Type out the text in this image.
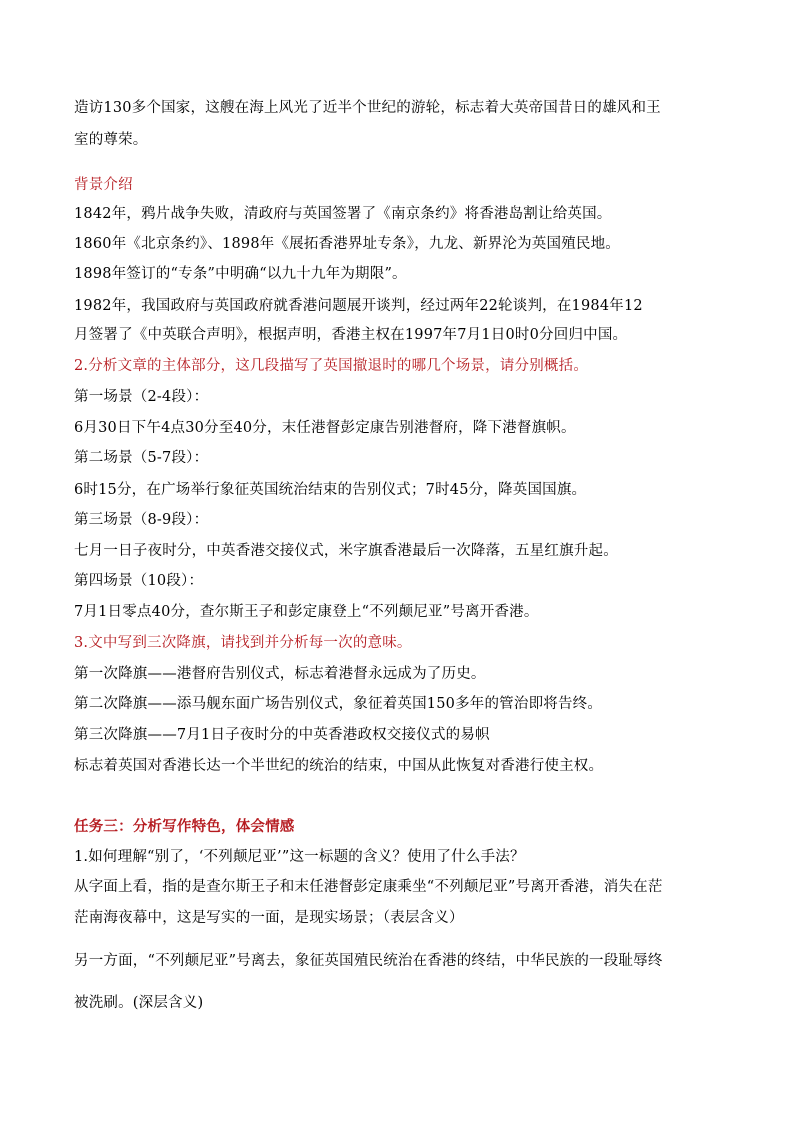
造访130多个国家，这艘在海上风光了近半个世纪的游轮，标志着大英帝国昔日的雄风和王
室的尊荣。
背景介绍
1842年，鸦片战争失败，清政府与英国签署了《南京条约》将香港岛割让给英国。
1860年《北京条约》、1898年《展拓香港界址专条》，九龙、新界沦为英国殖民地。
1898年签订的“专条”中明确“以九十九年为期限”。
1982年，我国政府与英国政府就香港问题展开谈判，经过两年22轮谈判，在1984年12
月签署了《中英联合声明》，根据声明，香港主权在1997年7月1日0时0分回归中国。
2.分析文章的主体部分，这几段描写了英国撤退时的哪几个场景，请分别概括。
第一场景（2-4段）：
6月30日下午4点30分至40分，末任港督彭定康告别港督府，降下港督旗帜。
第二场景（5-7段）：
6时15分，在广场举行象征英国统治结束的告别仪式；7时45分，降英国国旗。
第三场景（8-9段）：
七月一日子夜时分，中英香港交接仪式，米字旗香港最后一次降落，五星红旗升起。
第四场景（10段）：
7月1日零点40分，查尔斯王子和彭定康登上“不列颠尼亚”号离开香港。
3.文中写到三次降旗，请找到并分析每一次的意味。
第一次降旗——港督府告别仪式，标志着港督永远成为了历史。
第二次降旗——添马舰东面广场告别仪式，象征着英国150多年的管治即将告终。
第三次降旗——7月1日子夜时分的中英香港政权交接仪式的易帜
标志着英国对香港长达一个半世纪的统治的结束，中国从此恢复对香港行使主权。
任务三：分析写作特色，体会情感
1.如何理解“别了，‘不列颠尼亚’”这一标题的含义？使用了什么手法？
从字面上看，指的是查尔斯王子和末任港督彭定康乘坐“不列颠尼亚”号离开香港，消失在茫
茫南海夜幕中，这是写实的一面，是现实场景；（表层含义）
另一方面，“不列颠尼亚”号离去，象征英国殖民统治在香港的终结，中华民族的一段耻辱终
被洗刷。(深层含义)
